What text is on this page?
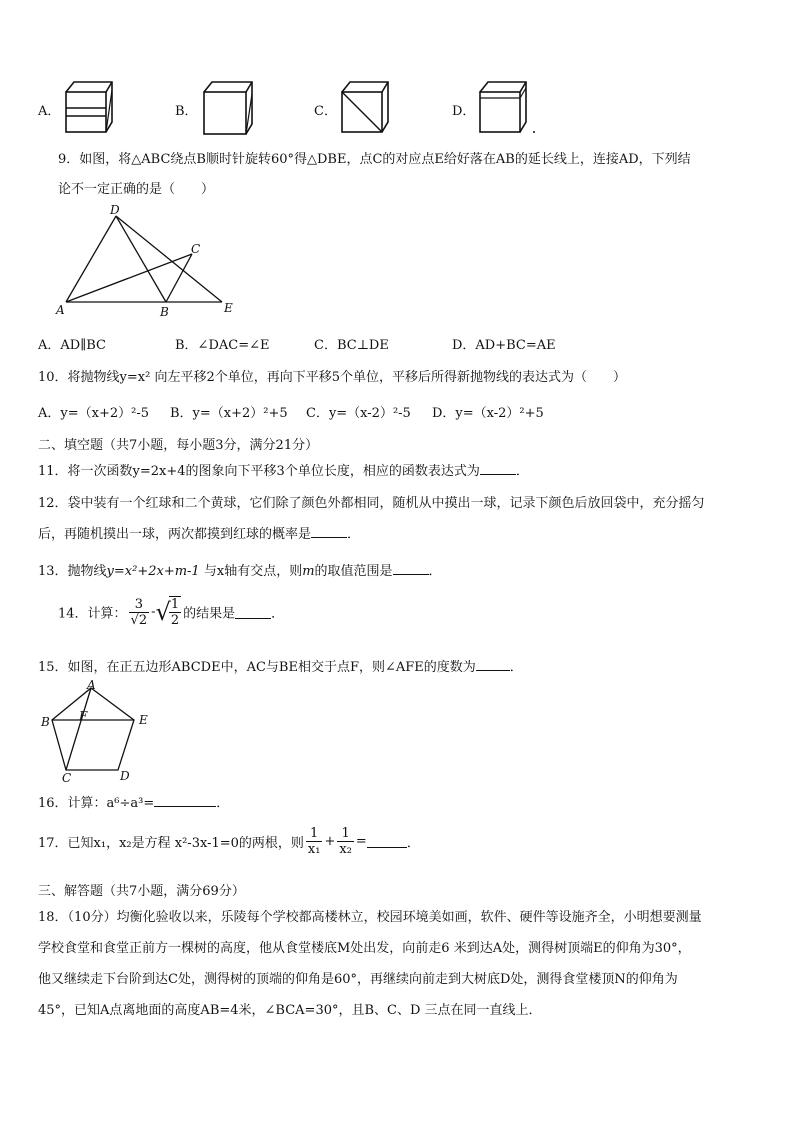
A．	B．	C．	D．
9．如图，将△ABC绕点B顺时针旋转60°得△DBE，点C的对应点E给好落在AB的延长线上，连接AD，下列结
论不一定正确的是（　　）
D
C
A	B	E
A．AD∥BC	B．∠DAC=∠E	C．BC⊥DE	D．AD+BC=AE
10．将抛物线y=x² 向左平移2个单位，再向下平移5个单位，平移后所得新抛物线的表达式为（　　）
A．y=（x+2）²-5 B．y=（x+2）²+5 C．y=（x-2）²-5 D．y=（x-2）²+5
二、填空题（共7小题，每小题3分，满分21分）
11．将一次函数y=2x+4的图象向下平移3个单位长度，相应的函数表达式为	．
12．袋中装有一个红球和二个黄球，它们除了颜色外都相同，随机从中摸出一球，记录下颜色后放回袋中，充分摇匀
后，再随机摸出一球，两次都摸到红球的概率是	．
13．抛物线y=x²+2x+m-1 与x轴有交点，则m的取值范围是	．
14．计算： $\frac{3}{√2}$ -√
$\frac{1}{2}$ 的结果是	．
15．如图，在正五边形ABCDE中，AC与BE相交于点F，则∠AFE的度数为	．
A
B	E
F
C	D
16．计算：a⁶÷a³=	．
17．已知x₁，x₂是方程 x²-3x-1=0的两根，则 $\frac{1}{\text{x₁}} + \frac{1}{\text{x₂}}$ =	．
三、解答题（共7小题，满分69分）
18．（10分）均衡化验收以来，乐陵每个学校都高楼林立，校园环境美如画，软件、硬件等设施齐全，小明想要测量
学校食堂和食堂正前方一棵树的高度，他从食堂楼底M处出发，向前走6 米到达A处，测得树顶端E的仰角为30°，
他又继续走下台阶到达C处，测得树的顶端的仰角是60°，再继续向前走到大树底D处，测得食堂楼顶N的仰角为
45°，已知A点离地面的高度AB=4米，∠BCA=30°，且B、C、D 三点在同一直线上．
